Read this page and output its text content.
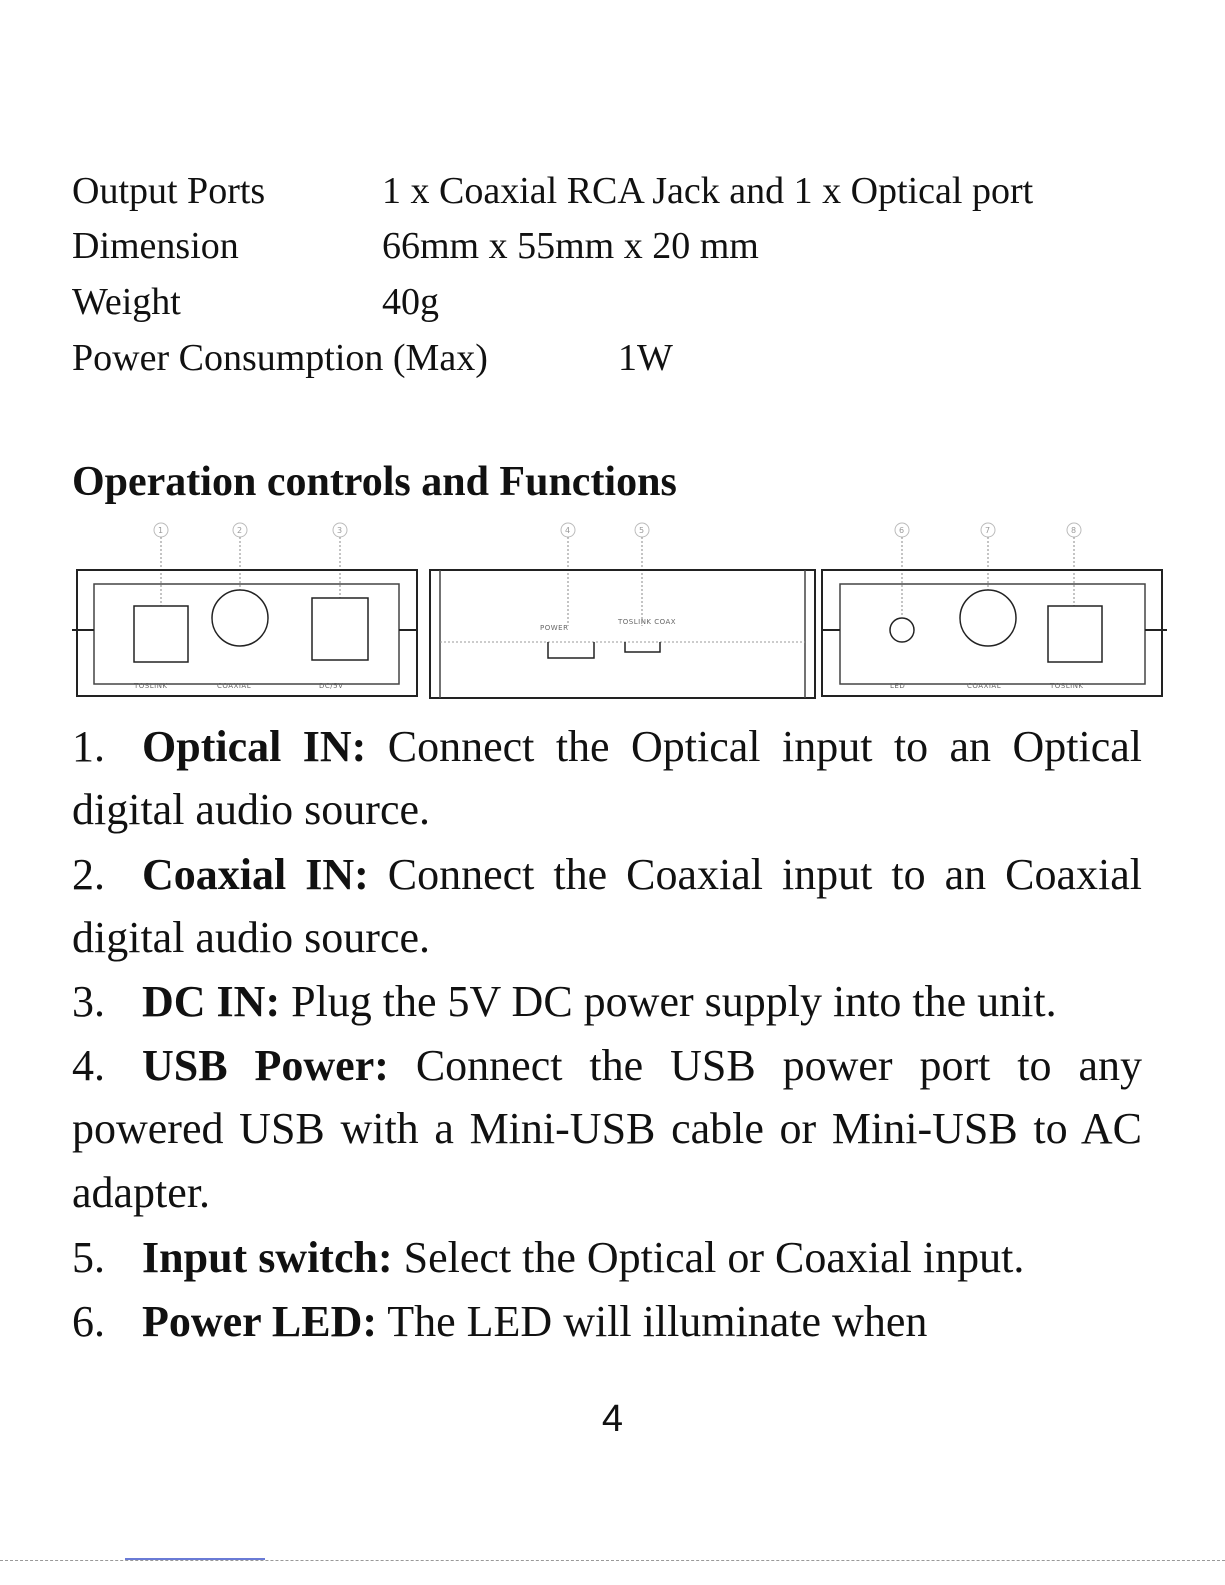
Output Ports	1 x Coaxial RCA Jack and 1 x Optical port
Dimension	66mm x 55mm x 20 mm
Weight	40g
Power Consumption (Max)	1W
Operation controls and Functions
1	2	3	4	5	6	7	8
TOSLINK	COAXIAL	DC/5V
POWER
TOSLINK COAX
LED	COAXIAL	TOSLINK
1. Optical IN: Connect the Optical input to an Optical digital audio source.
2. Coaxial IN: Connect the Coaxial input to an Coaxial digital audio source.
3. DC IN: Plug the 5V DC power supply into the unit.
4. USB Power: Connect the USB power port to any powered USB with a Mini-USB cable or Mini-USB to AC adapter.
5. Input switch: Select the Optical or Coaxial input.
6. Power LED: The LED will illuminate when
4
